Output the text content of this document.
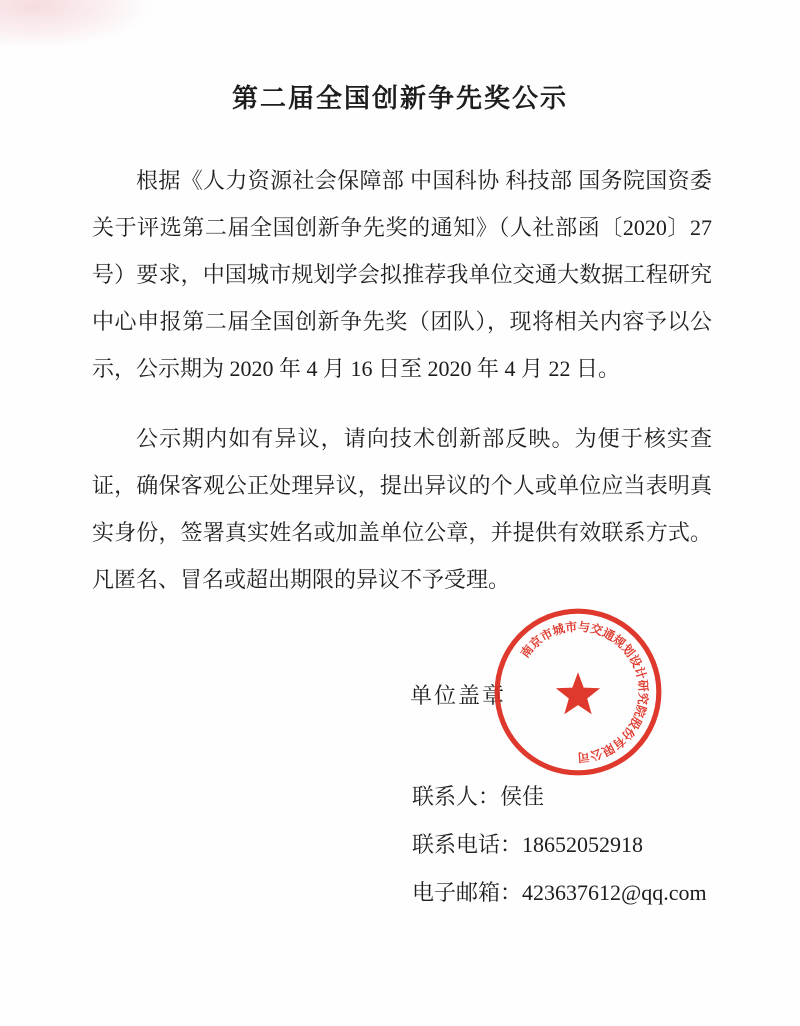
第二届全国创新争先奖公示

根据《人力资源社会保障部 中国科协 科技部 国务院国资委关于评选第二届全国创新争先奖的通知》（人社部函〔2020〕27 号）要求，中国城市规划学会拟推荐我单位交通大数据工程研究中心申报第二届全国创新争先奖（团队），现将相关内容予以公示，公示期为 2020 年 4 月 16 日至 2020 年 4 月 22 日。

公示期内如有异议，请向技术创新部反映。为便于核实查证，确保客观公正处理异议，提出异议的个人或单位应当表明真实身份，签署真实姓名或加盖单位公章，并提供有效联系方式。凡匿名、冒名或超出期限的异议不予受理。

单位盖章
南京市城市与交通规划设计研究院股份有限公司
联系人：侯佳
联系电话：18652052918
电子邮箱：423637612@qq.com
